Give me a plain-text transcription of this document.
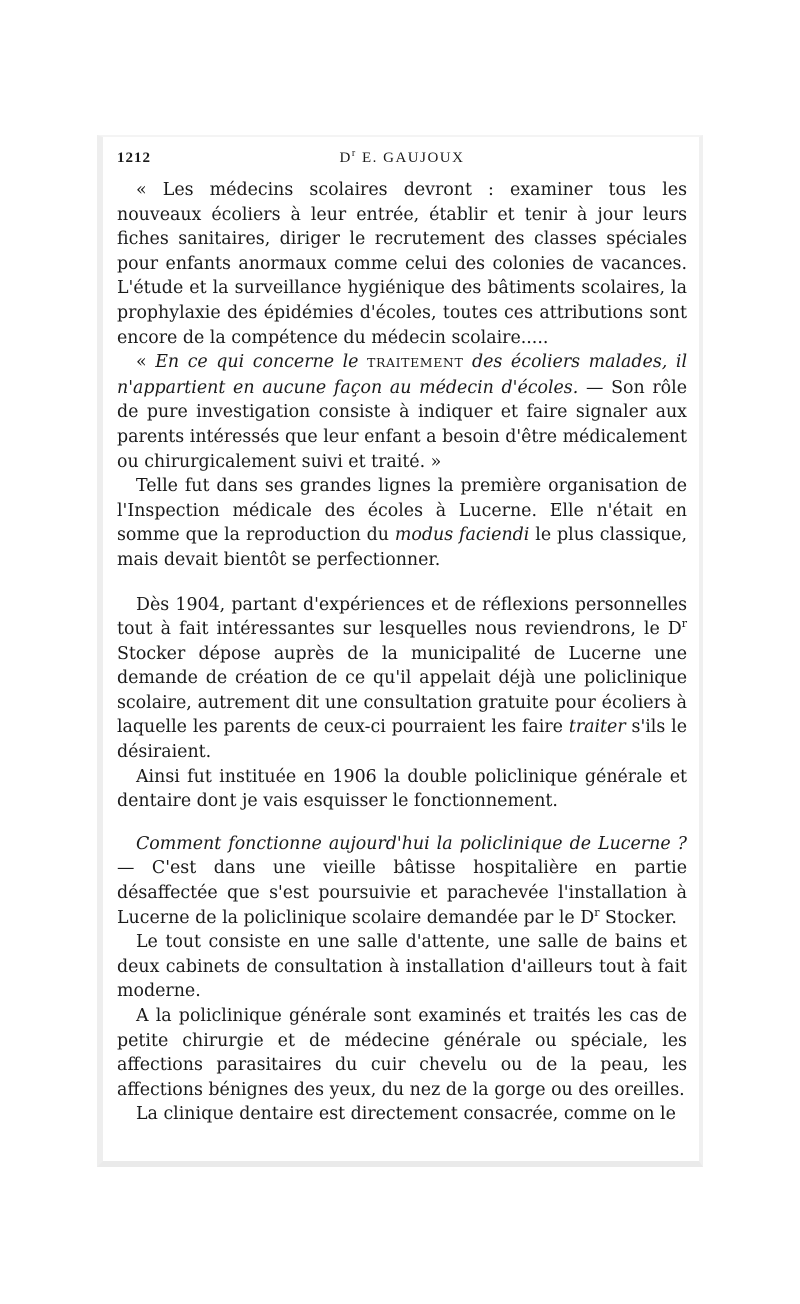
1212	$D^r$ E. GAUJOUX

« Les médecins scolaires devront : examiner tous les nouveaux écoliers à leur entrée, établir et tenir à jour leurs fiches sanitaires, diriger le recrutement des classes spéciales pour enfants anormaux comme celui des colonies de vacances. L'étude et la surveillance hygiénique des bâtiments scolaires, la prophylaxie des épidémies d'écoles, toutes ces attributions sont encore de la compétence du médecin scolaire.....

« En ce qui concerne le TRAITEMENT des écoliers malades, il n'appartient en aucune façon au médecin d'écoles. — Son rôle de pure investigation consiste à indiquer et faire signaler aux parents intéressés que leur enfant a besoin d'être médicalement ou chirurgicalement suivi et traité. »

Telle fut dans ses grandes lignes la première organisation de l'Inspection médicale des écoles à Lucerne. Elle n'était en somme que la reproduction du modus faciendi le plus classique, mais devait bientôt se perfectionner.

Dès 1904, partant d'expériences et de réflexions personnelles tout à fait intéressantes sur lesquelles nous reviendrons, le $D^r$ Stocker dépose auprès de la municipalité de Lucerne une demande de création de ce qu'il appelait déjà une policlinique scolaire, autrement dit une consultation gratuite pour écoliers à laquelle les parents de ceux-ci pourraient les faire traiter s'ils le désiraient.

Ainsi fut instituée en 1906 la double policlinique générale et dentaire dont je vais esquisser le fonctionnement.

Comment fonctionne aujourd'hui la policlinique de Lucerne ? — C'est dans une vieille bâtisse hospitalière en partie désaffectée que s'est poursuivie et parachevée l'installation à Lucerne de la policlinique scolaire demandée par le $D^r$ Stocker.

Le tout consiste en une salle d'attente, une salle de bains et deux cabinets de consultation à installation d'ailleurs tout à fait moderne.

A la policlinique générale sont examinés et traités les cas de petite chirurgie et de médecine générale ou spéciale, les affections parasitaires du cuir chevelu ou de la peau, les affections bénignes des yeux, du nez de la gorge ou des oreilles.

La clinique dentaire est directement consacrée, comme on le
